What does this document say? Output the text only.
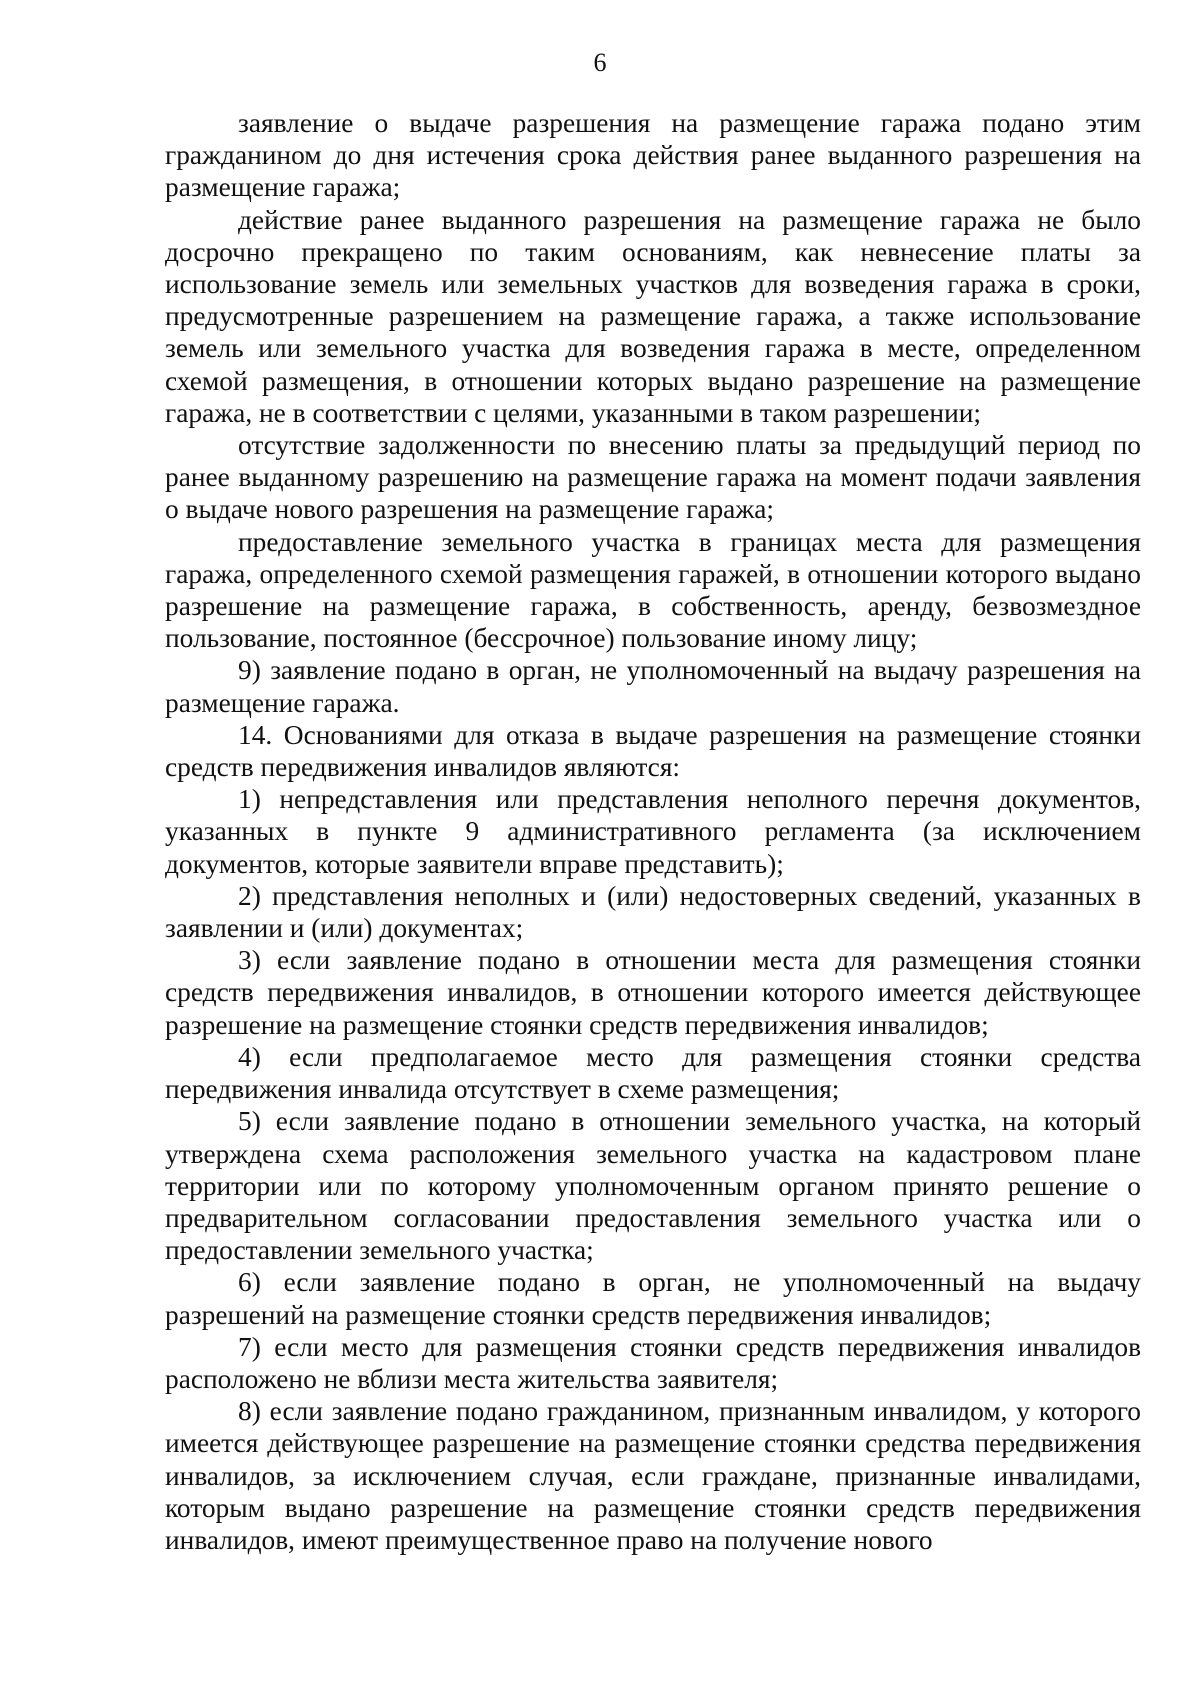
6

заявление о выдаче разрешения на размещение гаража подано этим гражданином до дня истечения срока действия ранее выданного разрешения на размещение гаража;

действие ранее выданного разрешения на размещение гаража не было досрочно прекращено по таким основаниям, как невнесение платы за использование земель или земельных участков для возведения гаража в сроки, предусмотренные разрешением на размещение гаража, а также использование земель или земельного участка для возведения гаража в месте, определенном схемой размещения, в отношении которых выдано разрешение на размещение гаража, не в соответствии с целями, указанными в таком разрешении;

отсутствие задолженности по внесению платы за предыдущий период по ранее выданному разрешению на размещение гаража на момент подачи заявления о выдаче нового разрешения на размещение гаража;

предоставление земельного участка в границах места для размещения гаража, определенного схемой размещения гаражей, в отношении которого выдано разрешение на размещение гаража, в собственность, аренду, безвозмездное пользование, постоянное (бессрочное) пользование иному лицу;

9) заявление подано в орган, не уполномоченный на выдачу разрешения на размещение гаража.

14. Основаниями для отказа в выдаче разрешения на размещение стоянки средств передвижения инвалидов являются:

1) непредставления или представления неполного перечня документов, указанных в пункте 9 административного регламента (за исключением документов, которые заявители вправе представить);

2) представления неполных и (или) недостоверных сведений, указанных в заявлении и (или) документах;

3) если заявление подано в отношении места для размещения стоянки средств передвижения инвалидов, в отношении которого имеется действующее разрешение на размещение стоянки средств передвижения инвалидов;

4) если предполагаемое место для размещения стоянки средства передвижения инвалида отсутствует в схеме размещения;

5) если заявление подано в отношении земельного участка, на который утверждена схема расположения земельного участка на кадастровом плане территории или по которому уполномоченным органом принято решение о предварительном согласовании предоставления земельного участка или о предоставлении земельного участка;

6) если заявление подано в орган, не уполномоченный на выдачу разрешений на размещение стоянки средств передвижения инвалидов;

7) если место для размещения стоянки средств передвижения инвалидов расположено не вблизи места жительства заявителя;

8) если заявление подано гражданином, признанным инвалидом, у которого имеется действующее разрешение на размещение стоянки средства передвижения инвалидов, за исключением случая, если граждане, признанные инвалидами, которым выдано разрешение на размещение стоянки средств передвижения инвалидов, имеют преимущественное право на получение нового
